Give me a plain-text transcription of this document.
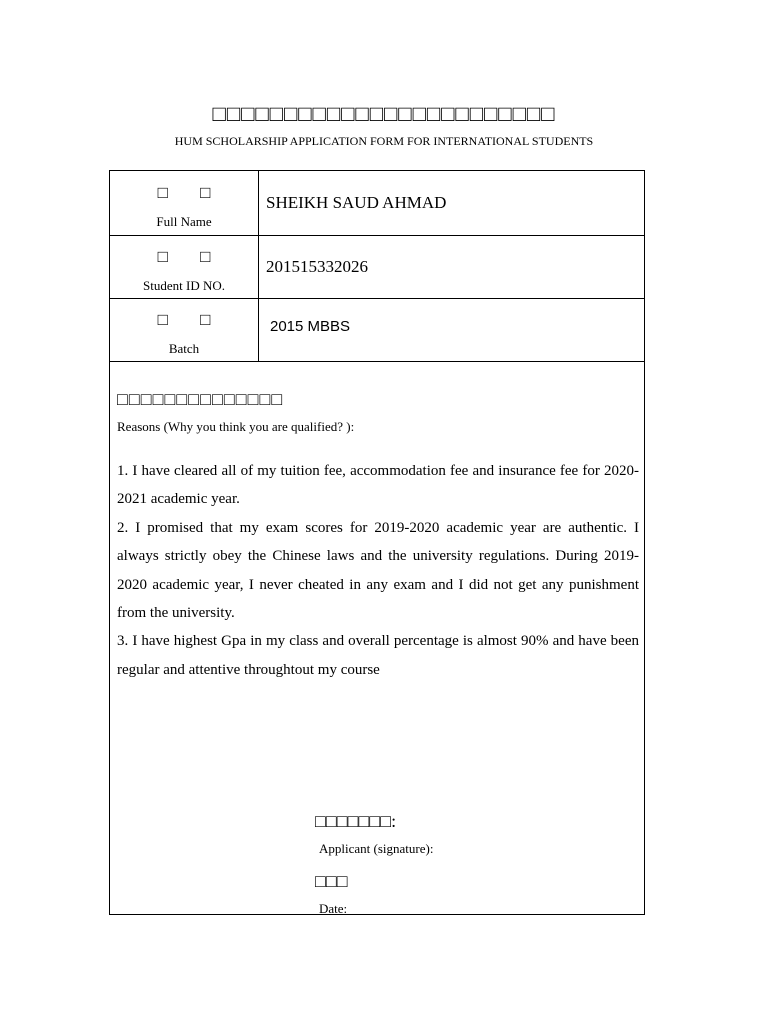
□□□□□□□□□□□□□□□□□□□□□□□□
HUM SCHOLARSHIP APPLICATION FORM FOR INTERNATIONAL STUDENTS
□ □
Full Name
SHEIKH SAUD AHMAD
□ □
Student ID NO.
201515332026
□ □
Batch
2015 MBBS

□□□□□□□□□□□□□□

Reasons (Why you think you are qualified? ):

1. I have cleared all of my tuition fee, accommodation fee and insurance fee for 2020-2021 academic year.
2. I promised that my exam scores for 2019-2020 academic year are authentic. I always strictly obey the Chinese laws and the university regulations. During 2019-2020 academic year, I never cheated in any exam and I did not get any punishment from the university.
3. I have highest Gpa in my class and overall percentage is almost 90% and have been regular and attentive throughtout my course

□□□□□□□:

Applicant (signature):

□□□

Date:
